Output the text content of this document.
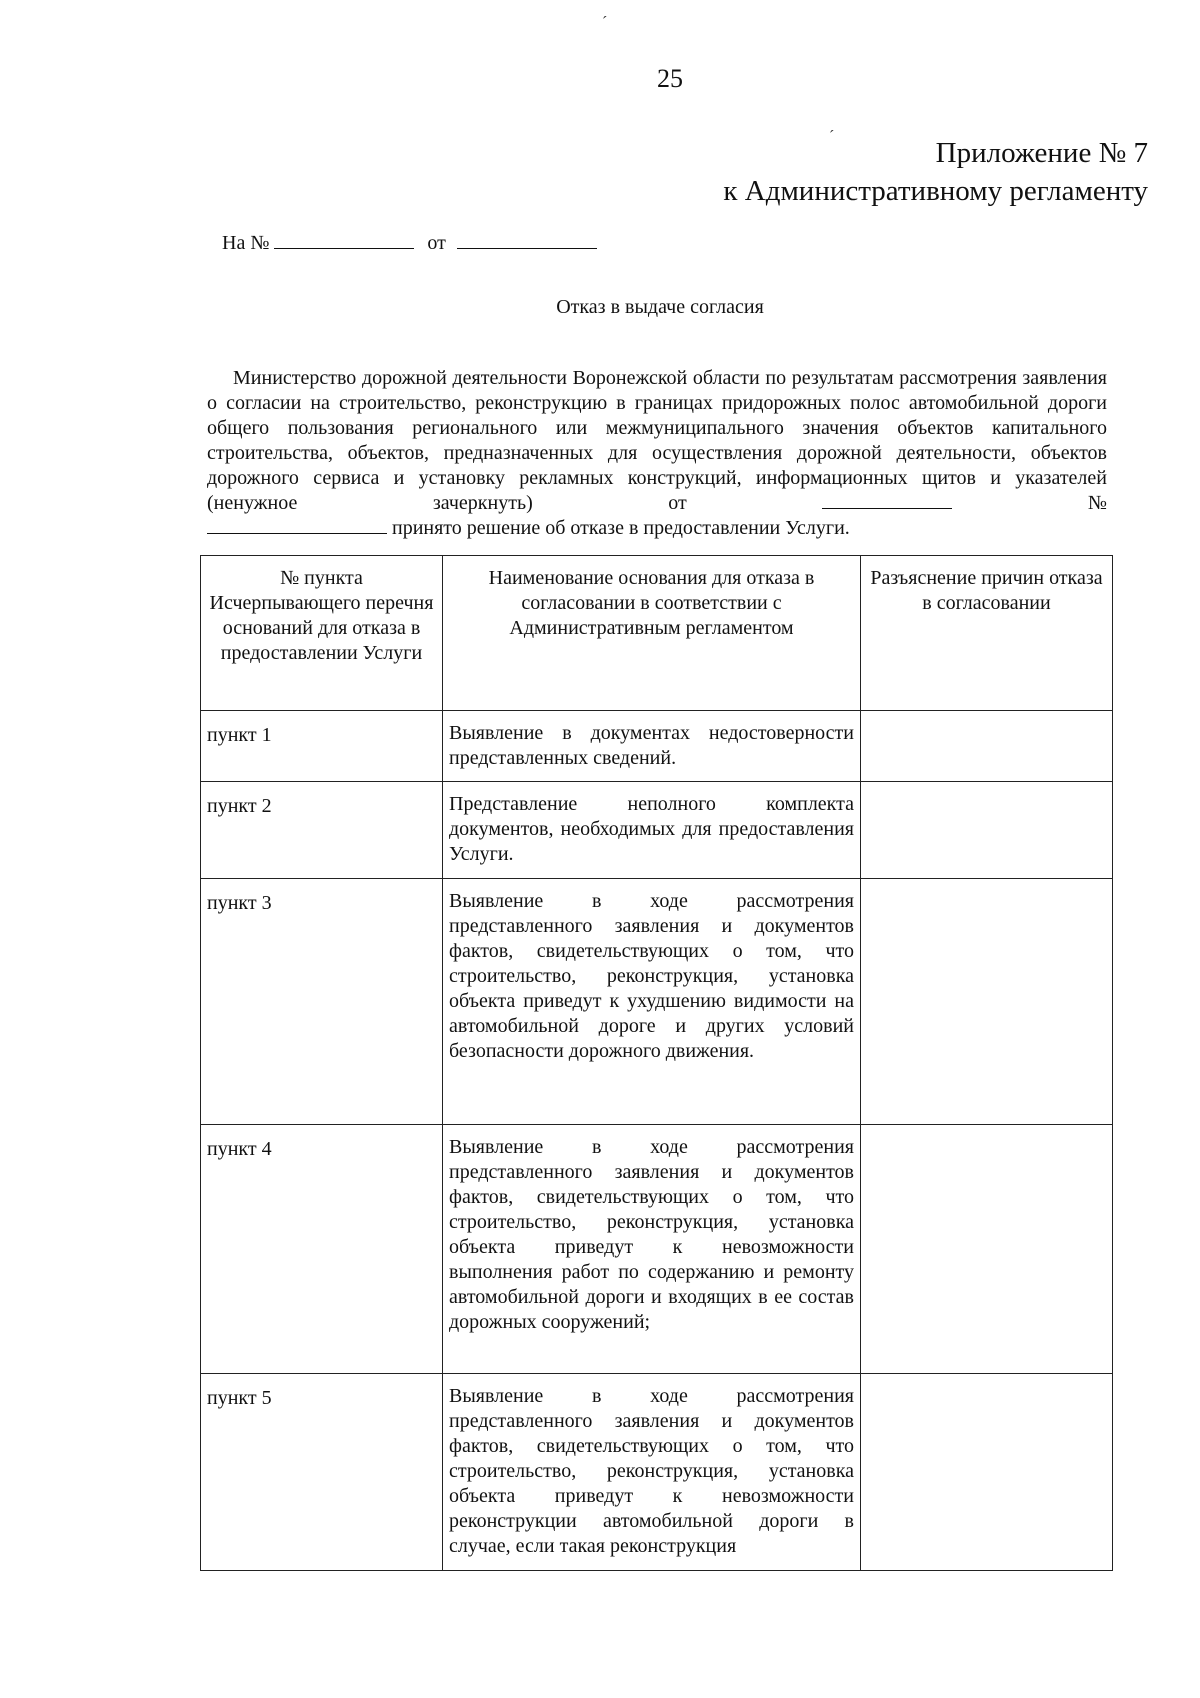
ˊ
ˊ
25
Приложение № 7
к Административному регламенту
На №	от
Отказ в выдаче согласия
Министерство дорожной деятельности Воронежской области по результатам рассмотрения заявления о согласии на строительство, реконструкцию в границах придорожных полос автомобильной дороги общего пользования регионального или межмуниципального значения объектов капитального строительства, объектов, предназначенных для осуществления дорожной деятельности, объектов дорожного сервиса и установку рекламных конструкций, информационных щитов и указателей (ненужное зачеркнуть) от	№
принято решение об отказе в предоставлении Услуги.
№ пункта Исчерпывающего перечня оснований для отказа в предоставлении Услуги	Наименование основания для отказа в согласовании в соответствии с Административным регламентом	Разъяснение причин отказа в согласовании
пункт 1	Выявление в документах недостоверности представленных сведений.	
пункт 2	Представление неполного комплекта документов, необходимых для предоставления Услуги.	
пункт 3	Выявление в ходе рассмотрения представленного заявления и документов фактов, свидетельствующих о том, что строительство, реконструкция, установка объекта приведут к ухудшению видимости на автомобильной дороге и других условий безопасности дорожного движения.	
пункт 4	Выявление в ходе рассмотрения представленного заявления и документов фактов, свидетельствующих о том, что строительство, реконструкция, установка объекта приведут к невозможности выполнения работ по содержанию и ремонту автомобильной дороги и входящих в ее состав дорожных сооружений;	
пункт 5	Выявление в ходе рассмотрения представленного заявления и документов фактов, свидетельствующих о том, что строительство, реконструкция, установка объекта приведут к невозможности реконструкции автомобильной дороги в случае, если такая реконструкция	
